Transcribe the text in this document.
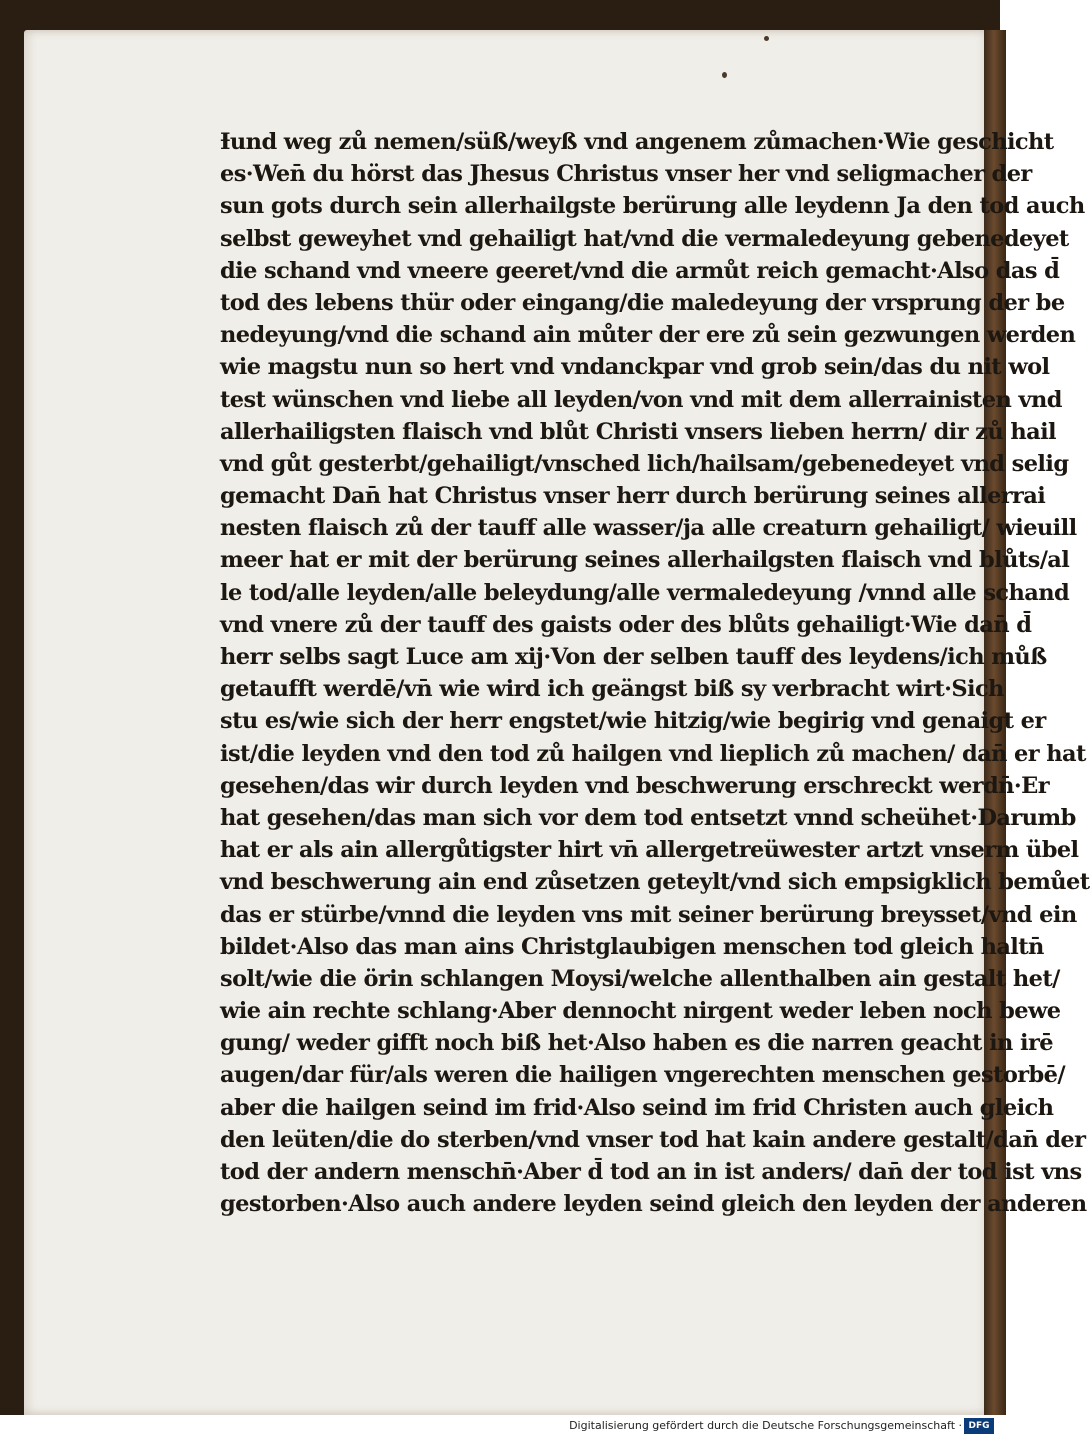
Ɨund weg zů nemen/süß/weyß vnd angenem zůmachen·Wie geschicht
es·Wen̄ du hörst das Jhesus Christus vnser her vnd seligmacher der
sun gots durch sein allerhailgste berürung alle leydenn Ja den tod auch
selbst geweyhet vnd gehailigt hat/vnd die vermaledeyung gebenedeyet
die schand vnd vneere geeret/vnd die armůt reich gemacht·Also das d̄
tod des lebens thür oder eingang/die maledeyung der vrsprung der be
nedeyung/vnd die schand ain můter der ere zů sein gezwungen werden
wie magstu nun so hert vnd vndanckpar vnd grob sein/das du nit wol
test wünschen vnd liebe all leyden/von vnd mit dem allerrainisten vnd
allerhailigsten flaisch vnd blůt Christi vnsers lieben herrn/ dir zů hail
vnd gůt gesterbt/gehailigt/vnsched lich/hailsam/gebenedeyet vnd selig
gemacht Dan̄ hat Christus vnser herr durch berürung seines allerrai
nesten flaisch zů der tauff alle wasser/ja alle creaturn gehailigt/ wieuill
meer hat er mit der berürung seines allerhailgsten flaisch vnd blůts/al
le tod/alle leyden/alle beleydung/alle vermaledeyung /vnnd alle schand
vnd vnere zů der tauff des gaists oder des blůts gehailigt·Wie dan̄ d̄
herr selbs sagt Luce am xij·Von der selben tauff des leydens/ich můß
getaufft werdē/vn̄ wie wird ich geängst biß sy verbracht wirt·Sich
stu es/wie sich der herr engstet/wie hitzig/wie begirig vnd genaigt er
ist/die leyden vnd den tod zů hailgen vnd lieplich zů machen/ dan̄ er hat
gesehen/das wir durch leyden vnd beschwerung erschreckt werdn̄·Er
hat gesehen/das man sich vor dem tod entsetzt vnnd scheühet·Darumb
hat er als ain allergůtigster hirt vn̄ allergetreüwester artzt vnserm übel
vnd beschwerung ain end zůsetzen geteylt/vnd sich empsigklich bemůet
das er stürbe/vnnd die leyden vns mit seiner berürung breysset/vnd ein
bildet·Also das man ains Christglaubigen menschen tod gleich haltn̄
solt/wie die örin schlangen Moysi/welche allenthalben ain gestalt het/
wie ain rechte schlang·Aber dennocht nirgent weder leben noch bewe
gung/ weder gifft noch biß het·Also haben es die narren geacht in irē
augen/dar für/als weren die hailigen vngerechten menschen gestorbē/
aber die hailgen seind im frid·Also seind im frid Christen auch gleich
den leüten/die do sterben/vnd vnser tod hat kain andere gestalt/dan̄ der
tod der andern menschn̄·Aber d̄ tod an in ist anders/ dan̄ der tod ist vns
gestorben·Also auch andere leyden seind gleich den leyden der anderen
Digitalisierung gefördert durch die Deutsche Forschungsgemeinschaft · DFG
